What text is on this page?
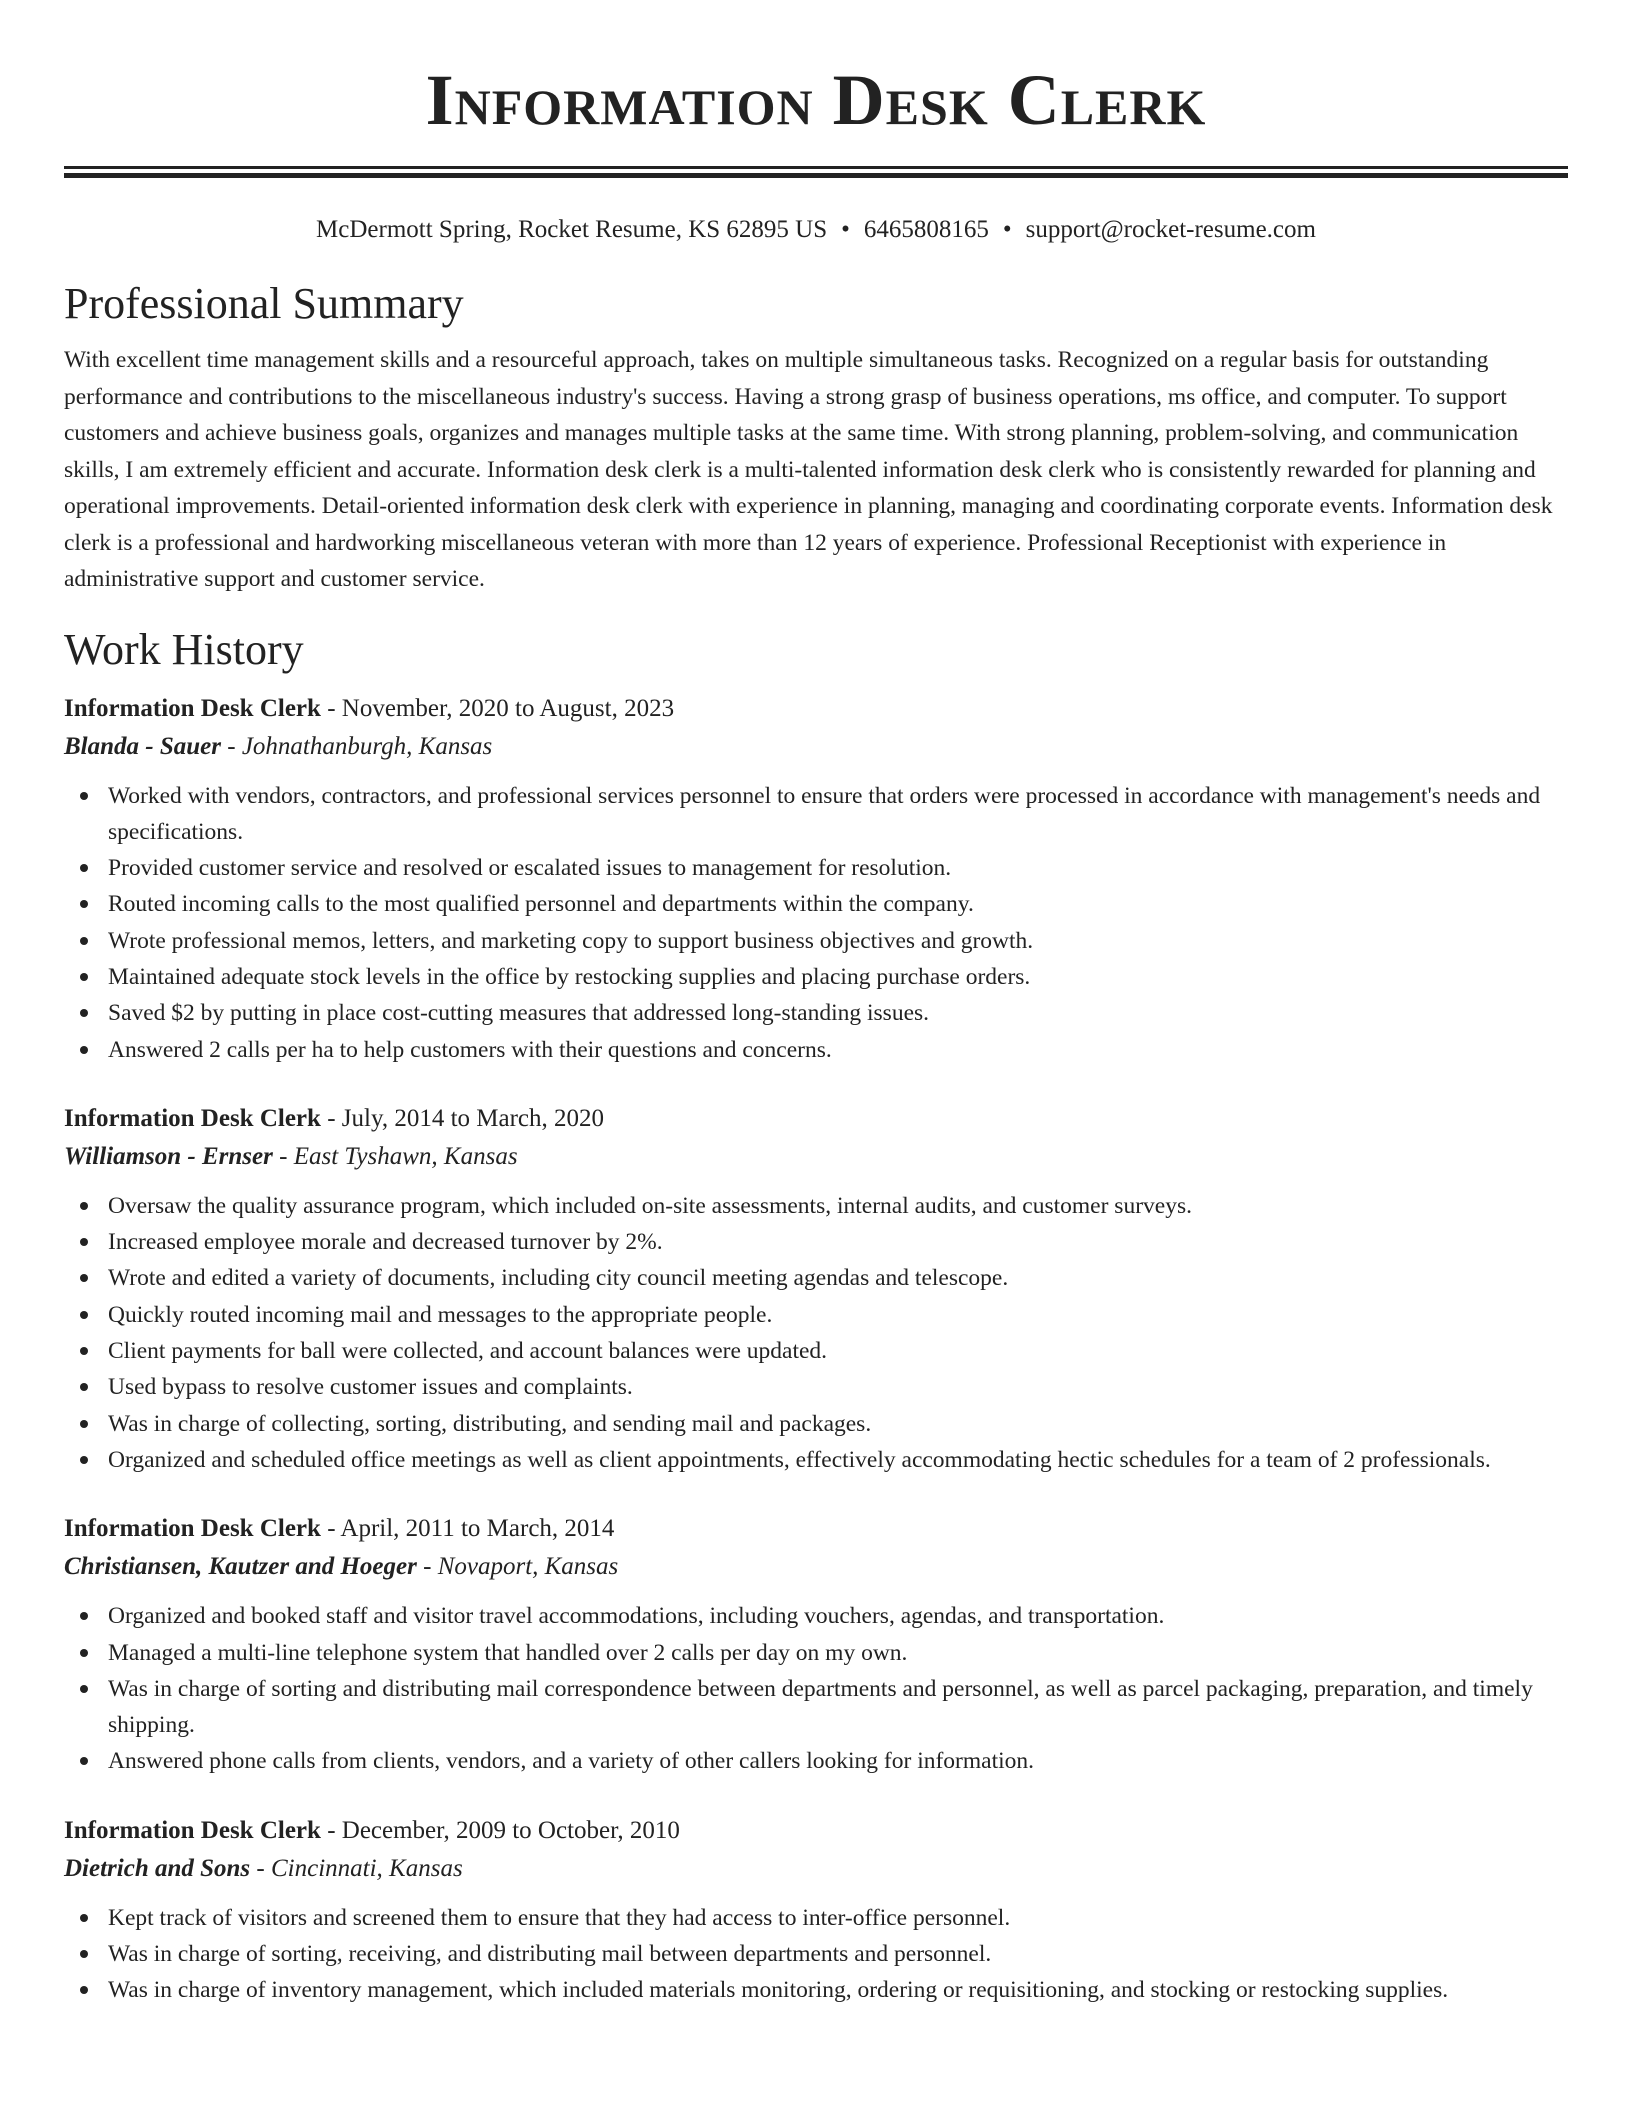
Information Desk Clerk
McDermott Spring, Rocket Resume, KS 62895 US • 6465808165 • support@rocket-resume.com
Professional Summary

With excellent time management skills and a resourceful approach, takes on multiple simultaneous tasks. Recognized on a regular basis for outstanding performance and contributions to the miscellaneous industry's success. Having a strong grasp of business operations, ms office, and computer. To support customers and achieve business goals, organizes and manages multiple tasks at the same time. With strong planning, problem-solving, and communication skills, I am extremely efficient and accurate. Information desk clerk is a multi-talented information desk clerk who is consistently rewarded for planning and operational improvements. Detail-oriented information desk clerk with experience in planning, managing and coordinating corporate events. Information desk clerk is a professional and hardworking miscellaneous veteran with more than 12 years of experience. Professional Receptionist with experience in administrative support and customer service.

Work History
Information Desk Clerk - November, 2020 to August, 2023
Blanda - Sauer - Johnathanburgh, Kansas
Worked with vendors, contractors, and professional services personnel to ensure that orders were processed in accordance with management's needs and specifications.
Provided customer service and resolved or escalated issues to management for resolution.
Routed incoming calls to the most qualified personnel and departments within the company.
Wrote professional memos, letters, and marketing copy to support business objectives and growth.
Maintained adequate stock levels in the office by restocking supplies and placing purchase orders.
Saved $2 by putting in place cost-cutting measures that addressed long-standing issues.
Answered 2 calls per ha to help customers with their questions and concerns.
Information Desk Clerk - July, 2014 to March, 2020
Williamson - Ernser - East Tyshawn, Kansas
Oversaw the quality assurance program, which included on-site assessments, internal audits, and customer surveys.
Increased employee morale and decreased turnover by 2%.
Wrote and edited a variety of documents, including city council meeting agendas and telescope.
Quickly routed incoming mail and messages to the appropriate people.
Client payments for ball were collected, and account balances were updated.
Used bypass to resolve customer issues and complaints.
Was in charge of collecting, sorting, distributing, and sending mail and packages.
Organized and scheduled office meetings as well as client appointments, effectively accommodating hectic schedules for a team of 2 professionals.
Information Desk Clerk - April, 2011 to March, 2014
Christiansen, Kautzer and Hoeger - Novaport, Kansas
Organized and booked staff and visitor travel accommodations, including vouchers, agendas, and transportation.
Managed a multi-line telephone system that handled over 2 calls per day on my own.
Was in charge of sorting and distributing mail correspondence between departments and personnel, as well as parcel packaging, preparation, and timely shipping.
Answered phone calls from clients, vendors, and a variety of other callers looking for information.
Information Desk Clerk - December, 2009 to October, 2010
Dietrich and Sons - Cincinnati, Kansas
Kept track of visitors and screened them to ensure that they had access to inter-office personnel.
Was in charge of sorting, receiving, and distributing mail between departments and personnel.
Was in charge of inventory management, which included materials monitoring, ordering or requisitioning, and stocking or restocking supplies.
